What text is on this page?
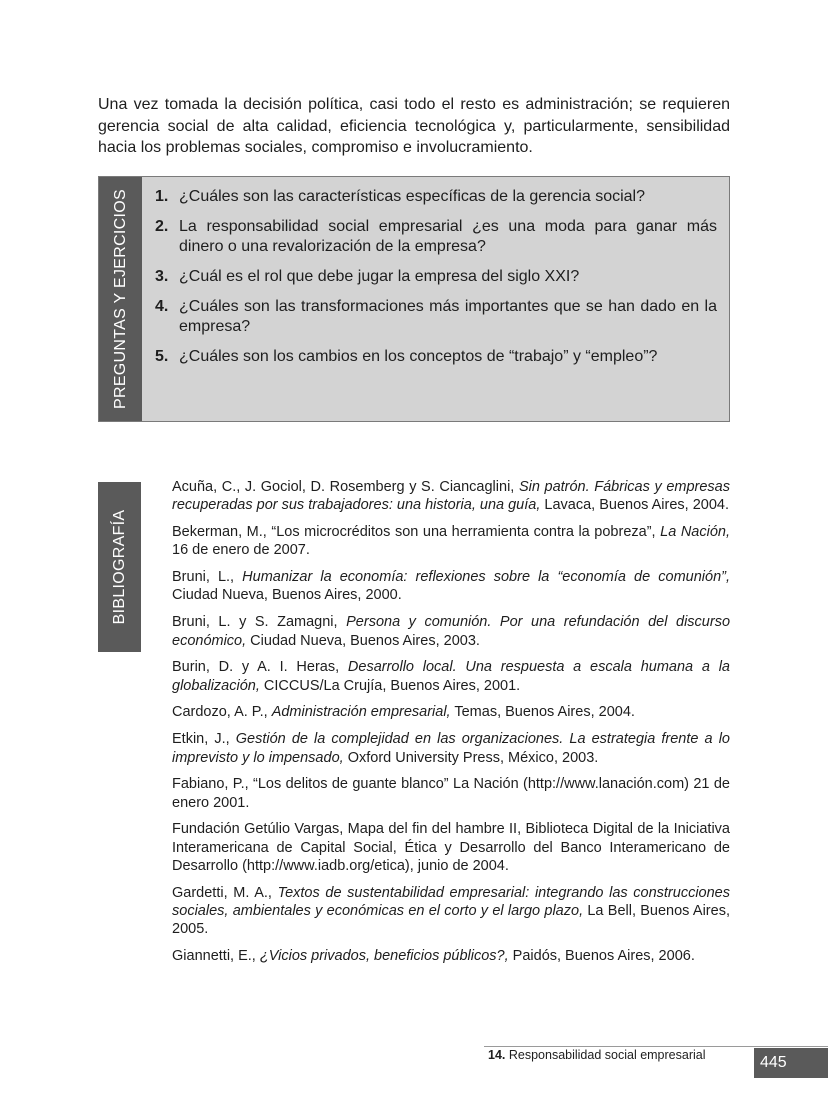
Una vez tomada la decisión política, casi todo el resto es administración; se requieren gerencia social de alta calidad, eficiencia tecnológica y, particularmente, sensibilidad hacia los problemas sociales, compromiso e involucramiento.

PREGUNTAS Y EJERCICIOS 1. ¿Cuáles son las características específicas de la gerencia social?
2. La responsabilidad social empresarial ¿es una moda para ganar más dinero o una revalorización de la empresa?
3. ¿Cuál es el rol que debe jugar la empresa del siglo XXI?
4. ¿Cuáles son las transformaciones más importantes que se han dado en la empresa?
5. ¿Cuáles son los cambios en los conceptos de “trabajo” y “empleo”?
BIBLIOGRAFÍA
Acuña, C., J. Gociol, D. Rosemberg y S. Ciancaglini, Sin patrón. Fábricas y empresas recuperadas por sus trabajadores: una historia, una guía, Lavaca, Buenos Aires, 2004.
Bekerman, M., “Los microcréditos son una herramienta contra la pobreza”, La Nación, 16 de enero de 2007.
Bruni, L., Humanizar la economía: reflexiones sobre la “economía de comunión”, Ciudad Nueva, Buenos Aires, 2000.
Bruni, L. y S. Zamagni, Persona y comunión. Por una refundación del discurso económico, Ciudad Nueva, Buenos Aires, 2003.
Burin, D. y A. I. Heras, Desarrollo local. Una respuesta a escala humana a la globalización, CICCUS/La Crujía, Buenos Aires, 2001.
Cardozo, A. P., Administración empresarial, Temas, Buenos Aires, 2004.
Etkin, J., Gestión de la complejidad en las organizaciones. La estrategia frente a lo imprevisto y lo impensado, Oxford University Press, México, 2003.
Fabiano, P., “Los delitos de guante blanco” La Nación (http://www.lanación.com) 21 de enero 2001.
Fundación Getúlio Vargas, Mapa del fin del hambre II, Biblioteca Digital de la Iniciativa Interamericana de Capital Social, Ética y Desarrollo del Banco Interamericano de Desarrollo (http://www.iadb.org/etica), junio de 2004.
Gardetti, M. A., Textos de sustentabilidad empresarial: integrando las construcciones sociales, ambientales y económicas en el corto y el largo plazo, La Bell, Buenos Aires, 2005.
Giannetti, E., ¿Vicios privados, beneficios públicos?, Paidós, Buenos Aires, 2006.
14. Responsabilidad social empresarial	445
